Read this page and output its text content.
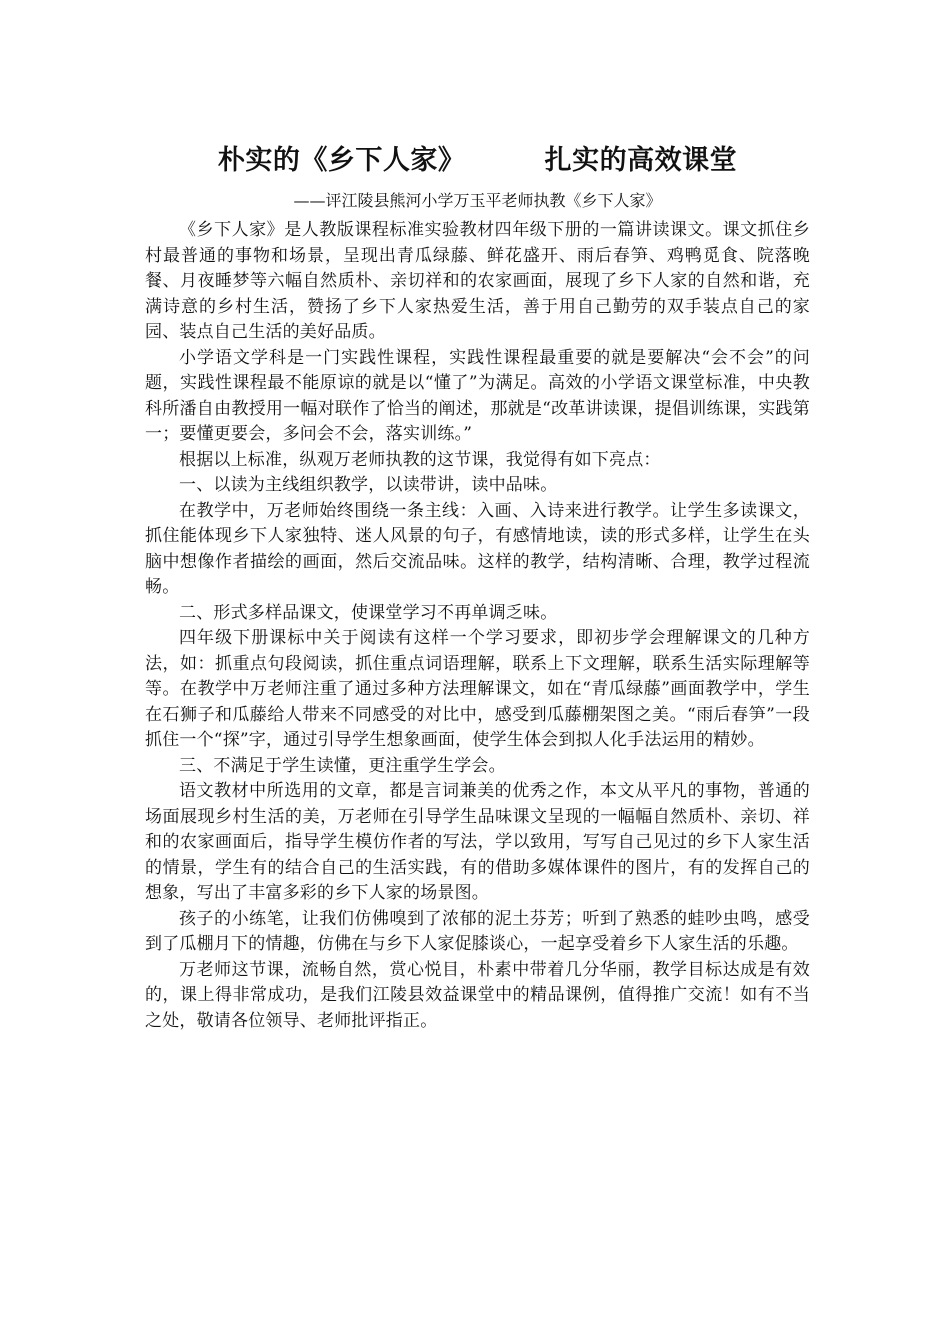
朴实的《乡下人家》        扎实的高效课堂
——评江陵县熊河小学万玉平老师执教《乡下人家》

《乡下人家》是人教版课程标准实验教材四年级下册的一篇讲读课文。课文抓住乡村最普通的事物和场景，呈现出青瓜绿藤、鲜花盛开、雨后春笋、鸡鸭觅食、院落晚餐、月夜睡梦等六幅自然质朴、亲切祥和的农家画面，展现了乡下人家的自然和谐，充满诗意的乡村生活，赞扬了乡下人家热爱生活，善于用自己勤劳的双手装点自己的家园、装点自己生活的美好品质。

小学语文学科是一门实践性课程，实践性课程最重要的就是要解决“会不会”的问题，实践性课程最不能原谅的就是以“懂了”为满足。高效的小学语文课堂标准，中央教科所潘自由教授用一幅对联作了恰当的阐述，那就是“改革讲读课，提倡训练课，实践第一；要懂更要会，多问会不会，落实训练。”

根据以上标准，纵观万老师执教的这节课，我觉得有如下亮点：

一、以读为主线组织教学，以读带讲，读中品味。

在教学中，万老师始终围绕一条主线：入画、入诗来进行教学。让学生多读课文，抓住能体现乡下人家独特、迷人风景的句子，有感情地读，读的形式多样，让学生在头脑中想像作者描绘的画面，然后交流品味。这样的教学，结构清晰、合理，教学过程流畅。

二、形式多样品课文，使课堂学习不再单调乏味。

四年级下册课标中关于阅读有这样一个学习要求，即初步学会理解课文的几种方法，如：抓重点句段阅读，抓住重点词语理解，联系上下文理解，联系生活实际理解等等。在教学中万老师注重了通过多种方法理解课文，如在“青瓜绿藤”画面教学中，学生在石狮子和瓜藤给人带来不同感受的对比中，感受到瓜藤棚架图之美。“雨后春笋”一段抓住一个“探”字，通过引导学生想象画面，使学生体会到拟人化手法运用的精妙。

三、不满足于学生读懂，更注重学生学会。

语文教材中所选用的文章，都是言词兼美的优秀之作，本文从平凡的事物，普通的场面展现乡村生活的美，万老师在引导学生品味课文呈现的一幅幅自然质朴、亲切、祥和的农家画面后，指导学生模仿作者的写法，学以致用，写写自己见过的乡下人家生活的情景，学生有的结合自己的生活实践，有的借助多媒体课件的图片，有的发挥自己的想象，写出了丰富多彩的乡下人家的场景图。

孩子的小练笔，让我们仿佛嗅到了浓郁的泥土芬芳；听到了熟悉的蛙吵虫鸣，感受到了瓜棚月下的情趣，仿佛在与乡下人家促膝谈心，一起享受着乡下人家生活的乐趣。

万老师这节课，流畅自然，赏心悦目，朴素中带着几分华丽，教学目标达成是有效的，课上得非常成功，是我们江陵县效益课堂中的精品课例，值得推广交流！如有不当之处，敬请各位领导、老师批评指正。
